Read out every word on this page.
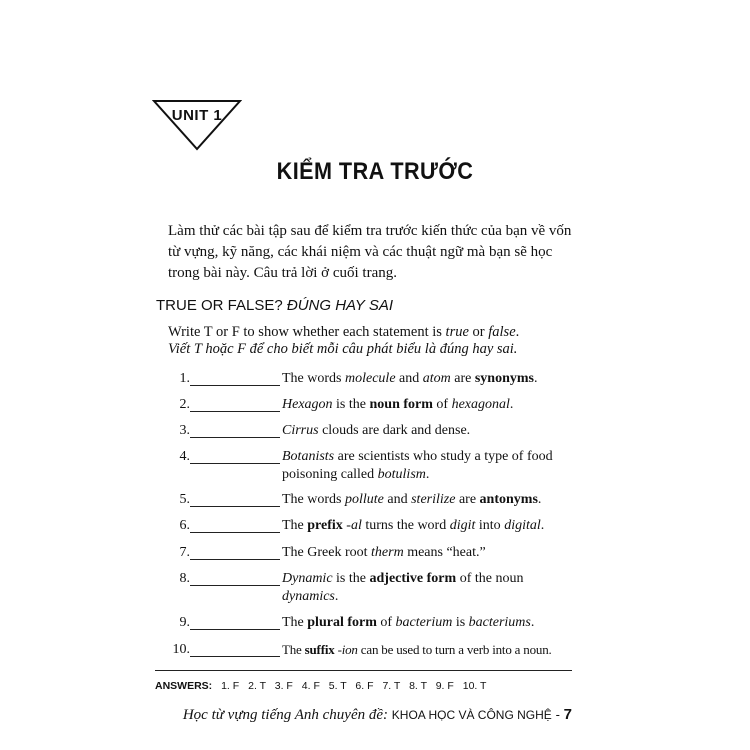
UNIT 1
KIỂM TRA TRƯỚC
Làm thử các bài tập sau để kiểm tra trước kiến thức của bạn về vốn từ vựng, kỹ năng, các khái niệm và các thuật ngữ mà bạn sẽ học trong bài này. Câu trả lời ở cuối trang.
TRUE OR FALSE? ĐÚNG HAY SAI
Write T or F to show whether each statement is true or false.
Viết T hoặc F để cho biết mỗi câu phát biểu là đúng hay sai.
1.	The words molecule and atom are synonyms.
2.	Hexagon is the noun form of hexagonal.
3.	Cirrus clouds are dark and dense.
4.	Botanists are scientists who study a type of food poisoning called botulism.
5.	The words pollute and sterilize are antonyms.
6.	The prefix -al turns the word digit into digital.
7.	The Greek root therm means “heat.”
8.	Dynamic is the adjective form of the noun dynamics.
9.	The plural form of bacterium is bacteriums.
10.	The suffix -ion can be used to turn a verb into a noun.
ANSWERS: 1. F 2. T 3. F 4. F 5. T 6. F 7. T 8. T 9. F 10. T
Học từ vựng tiếng Anh chuyên đề: KHOA HỌC VÀ CÔNG NGHỆ - 7
